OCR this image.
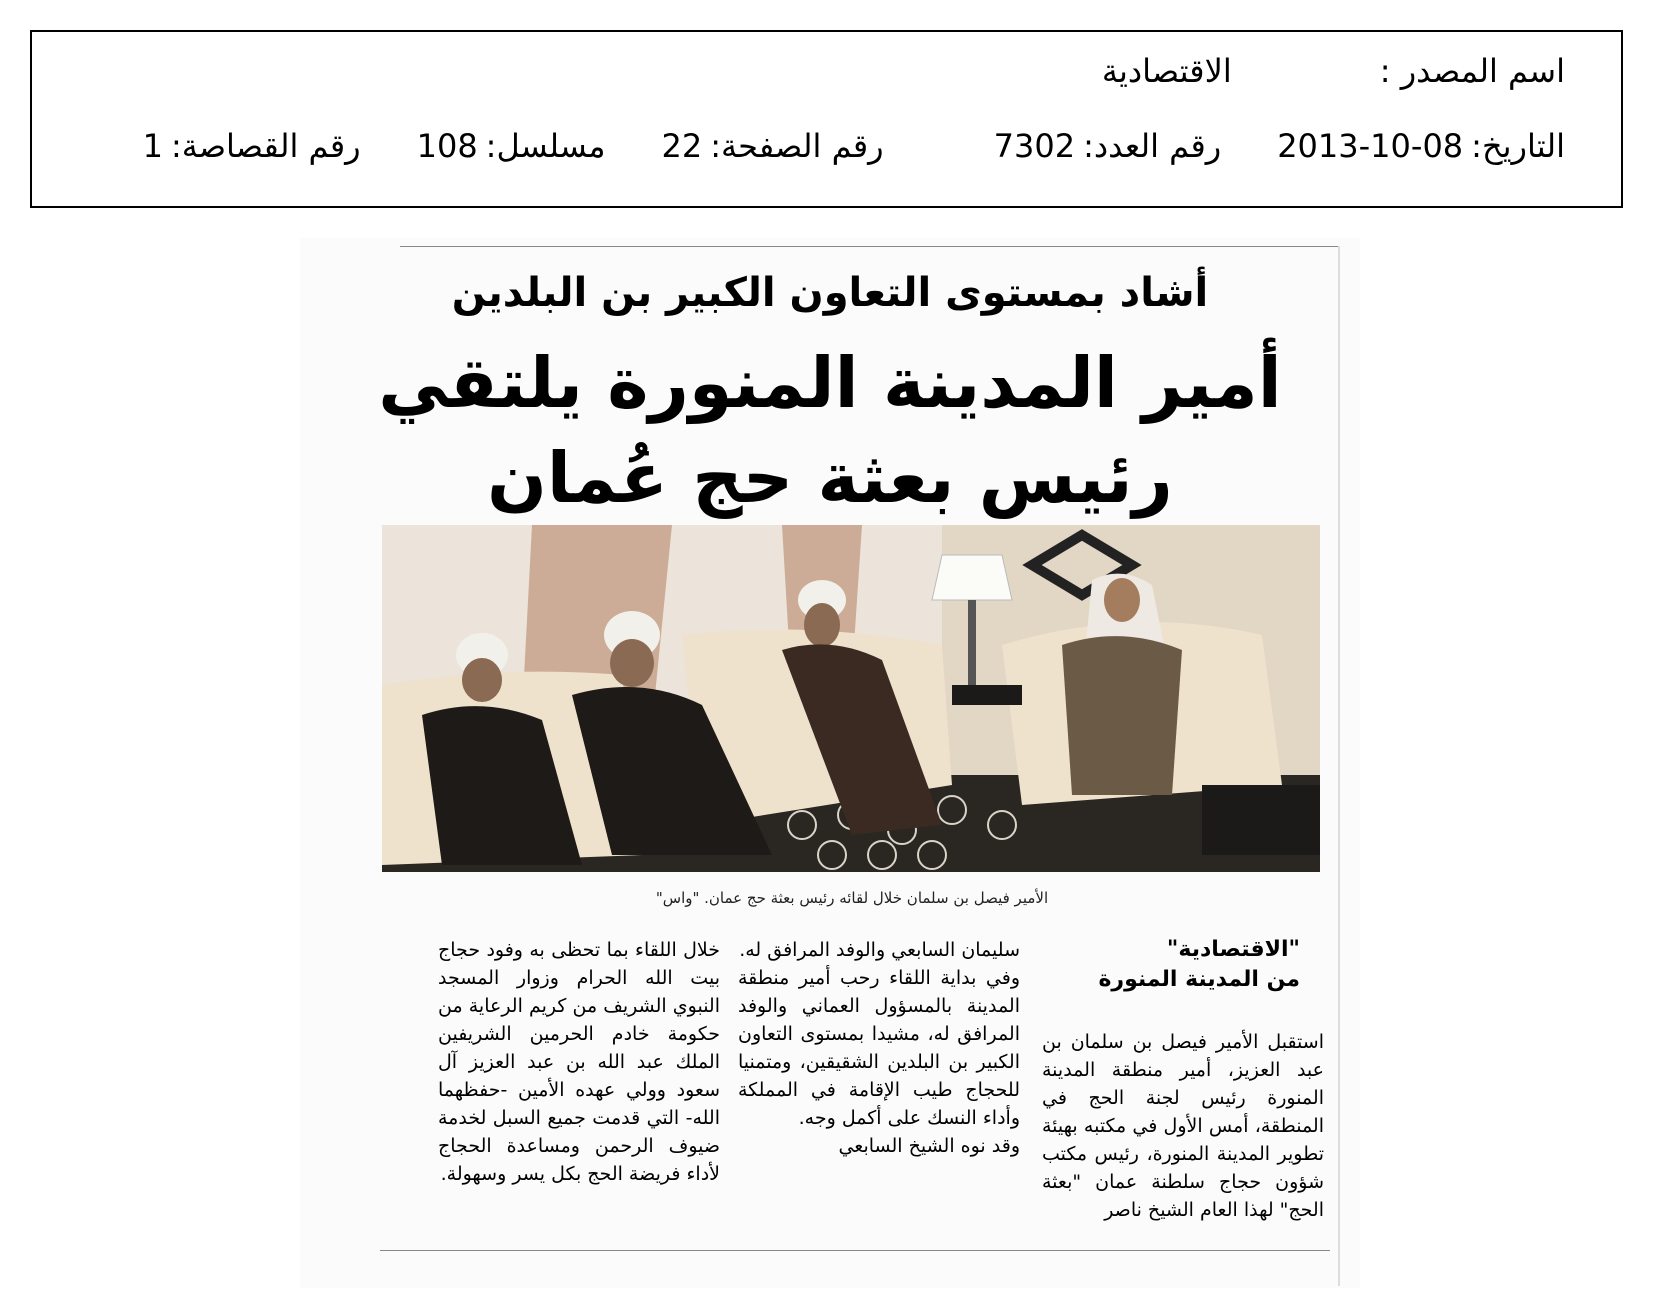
اسم المصدر :
الاقتصادية
التاريخ:
2013-10-08
رقم العدد:
7302
رقم الصفحة:
22
مسلسل:
108
رقم القصاصة:
1
أشاد بمستوى التعاون الكبير بن البلدين
أمير المدينة المنورة يلتقي
رئيس بعثة حج عُمان
الأمير فيصل بن سلمان خلال لقائه رئيس بعثة حج عمان. "واس"
"الاقتصادية"
من المدينة المنورة

استقبل الأمير فيصل بن سلمان بن عبد العزيز، أمير منطقة المدينة المنورة رئيس لجنة الحج في المنطقة، أمس الأول في مكتبه بهيئة تطوير المدينة المنورة، رئيس مكتب شؤون حجاج سلطنة عمان "بعثة الحج" لهذا العام الشيخ ناصر

سليمان السابعي والوفد المرافق له.

وفي بداية اللقاء رحب أمير منطقة المدينة بالمسؤول العماني والوفد المرافق له، مشيدا بمستوى التعاون الكبير بن البلدين الشقيقين، ومتمنيا للحجاج طيب الإقامة في المملكة وأداء النسك على أكمل وجه.

وقد نوه الشيخ السابعي

خلال اللقاء بما تحظى به وفود حجاج بيت الله الحرام وزوار المسجد النبوي الشريف من كريم الرعاية من حكومة خادم الحرمين الشريفين الملك عبد الله بن عبد العزيز آل سعود وولي عهده الأمين -حفظهما الله- التي قدمت جميع السبل لخدمة ضيوف الرحمن ومساعدة الحجاج لأداء فريضة الحج بكل يسر وسهولة.
